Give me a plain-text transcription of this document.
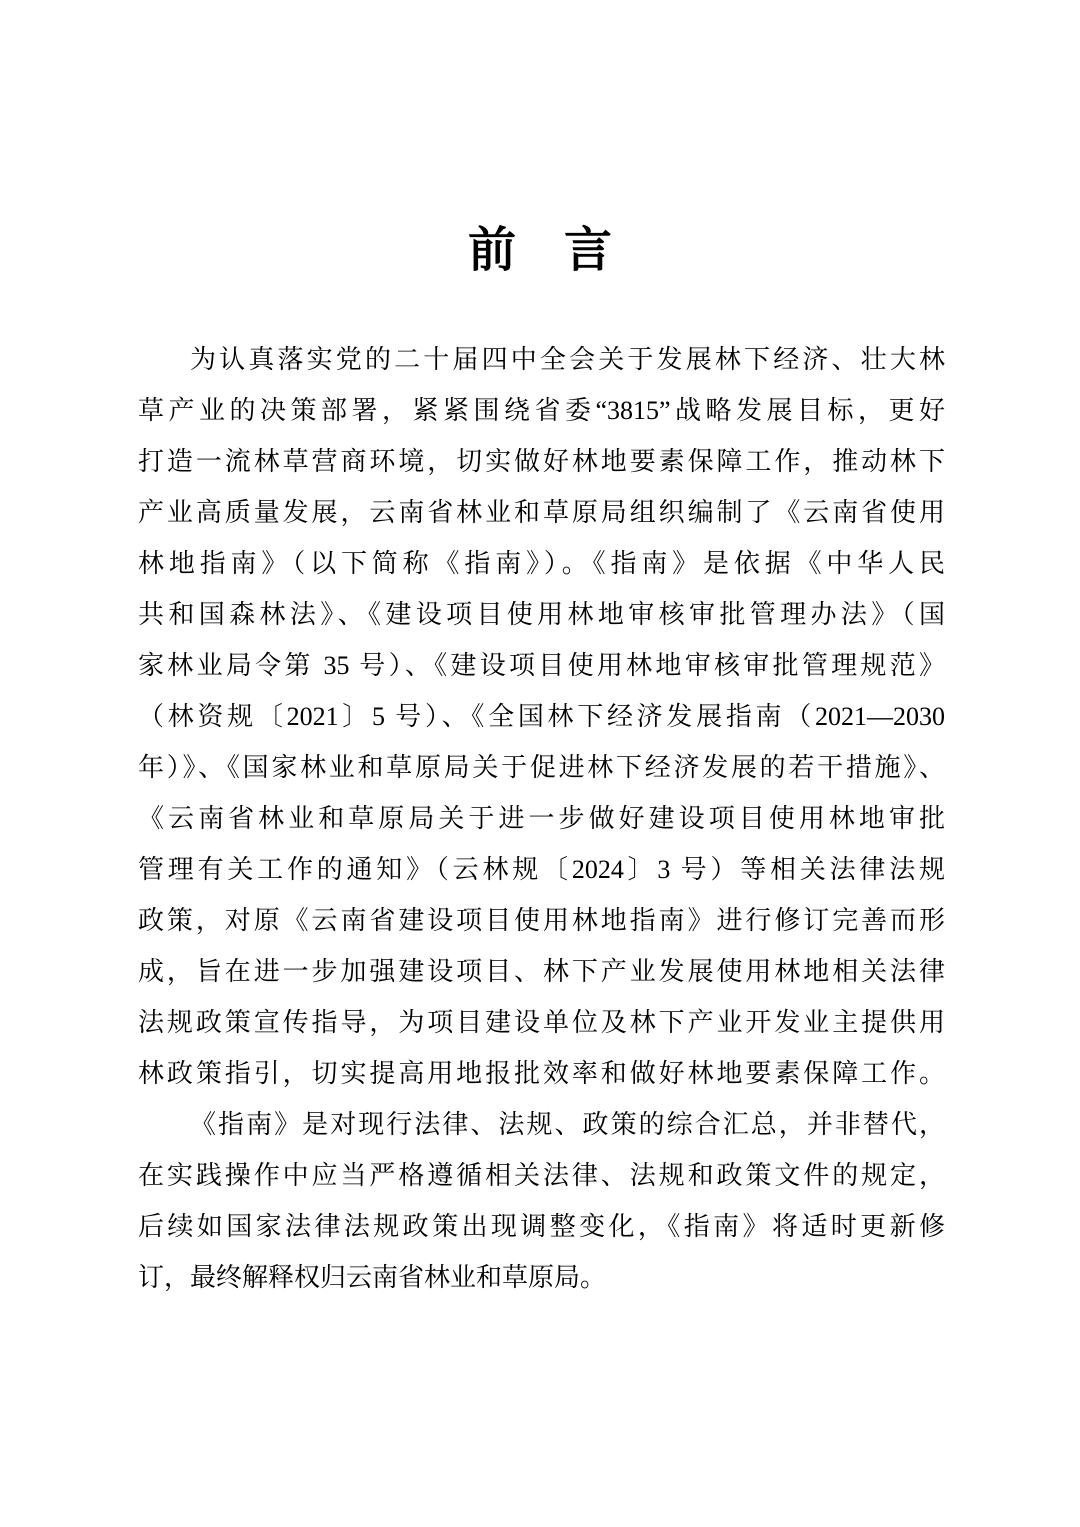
前　言
为认真落实党的二十届四中全会关于发展林下经济、壮大林
草产业的决策部署，紧紧围绕省委“3815”战略发展目标，更好
打造一流林草营商环境，切实做好林地要素保障工作，推动林下
产业高质量发展，云南省林业和草原局组织编制了《云南省使用
林地指南》（以下简称《指南》）。《指南》是依据《中华人民
共和国森林法》、《建设项目使用林地审核审批管理办法》（国
家林业局令第 35 号）、《建设项目使用林地审核审批管理规范》
（林资规〔2021〕5 号）、《全国林下经济发展指南（2021—2030
年）》、《国家林业和草原局关于促进林下经济发展的若干措施》、
《云南省林业和草原局关于进一步做好建设项目使用林地审批
管理有关工作的通知》（云林规〔2024〕3 号）等相关法律法规
政策，对原《云南省建设项目使用林地指南》进行修订完善而形
成，旨在进一步加强建设项目、林下产业发展使用林地相关法律
法规政策宣传指导，为项目建设单位及林下产业开发业主提供用
林政策指引，切实提高用地报批效率和做好林地要素保障工作。
《指南》是对现行法律、法规、政策的综合汇总，并非替代，
在实践操作中应当严格遵循相关法律、法规和政策文件的规定，
后续如国家法律法规政策出现调整变化，《指南》将适时更新修
订，最终解释权归云南省林业和草原局。
